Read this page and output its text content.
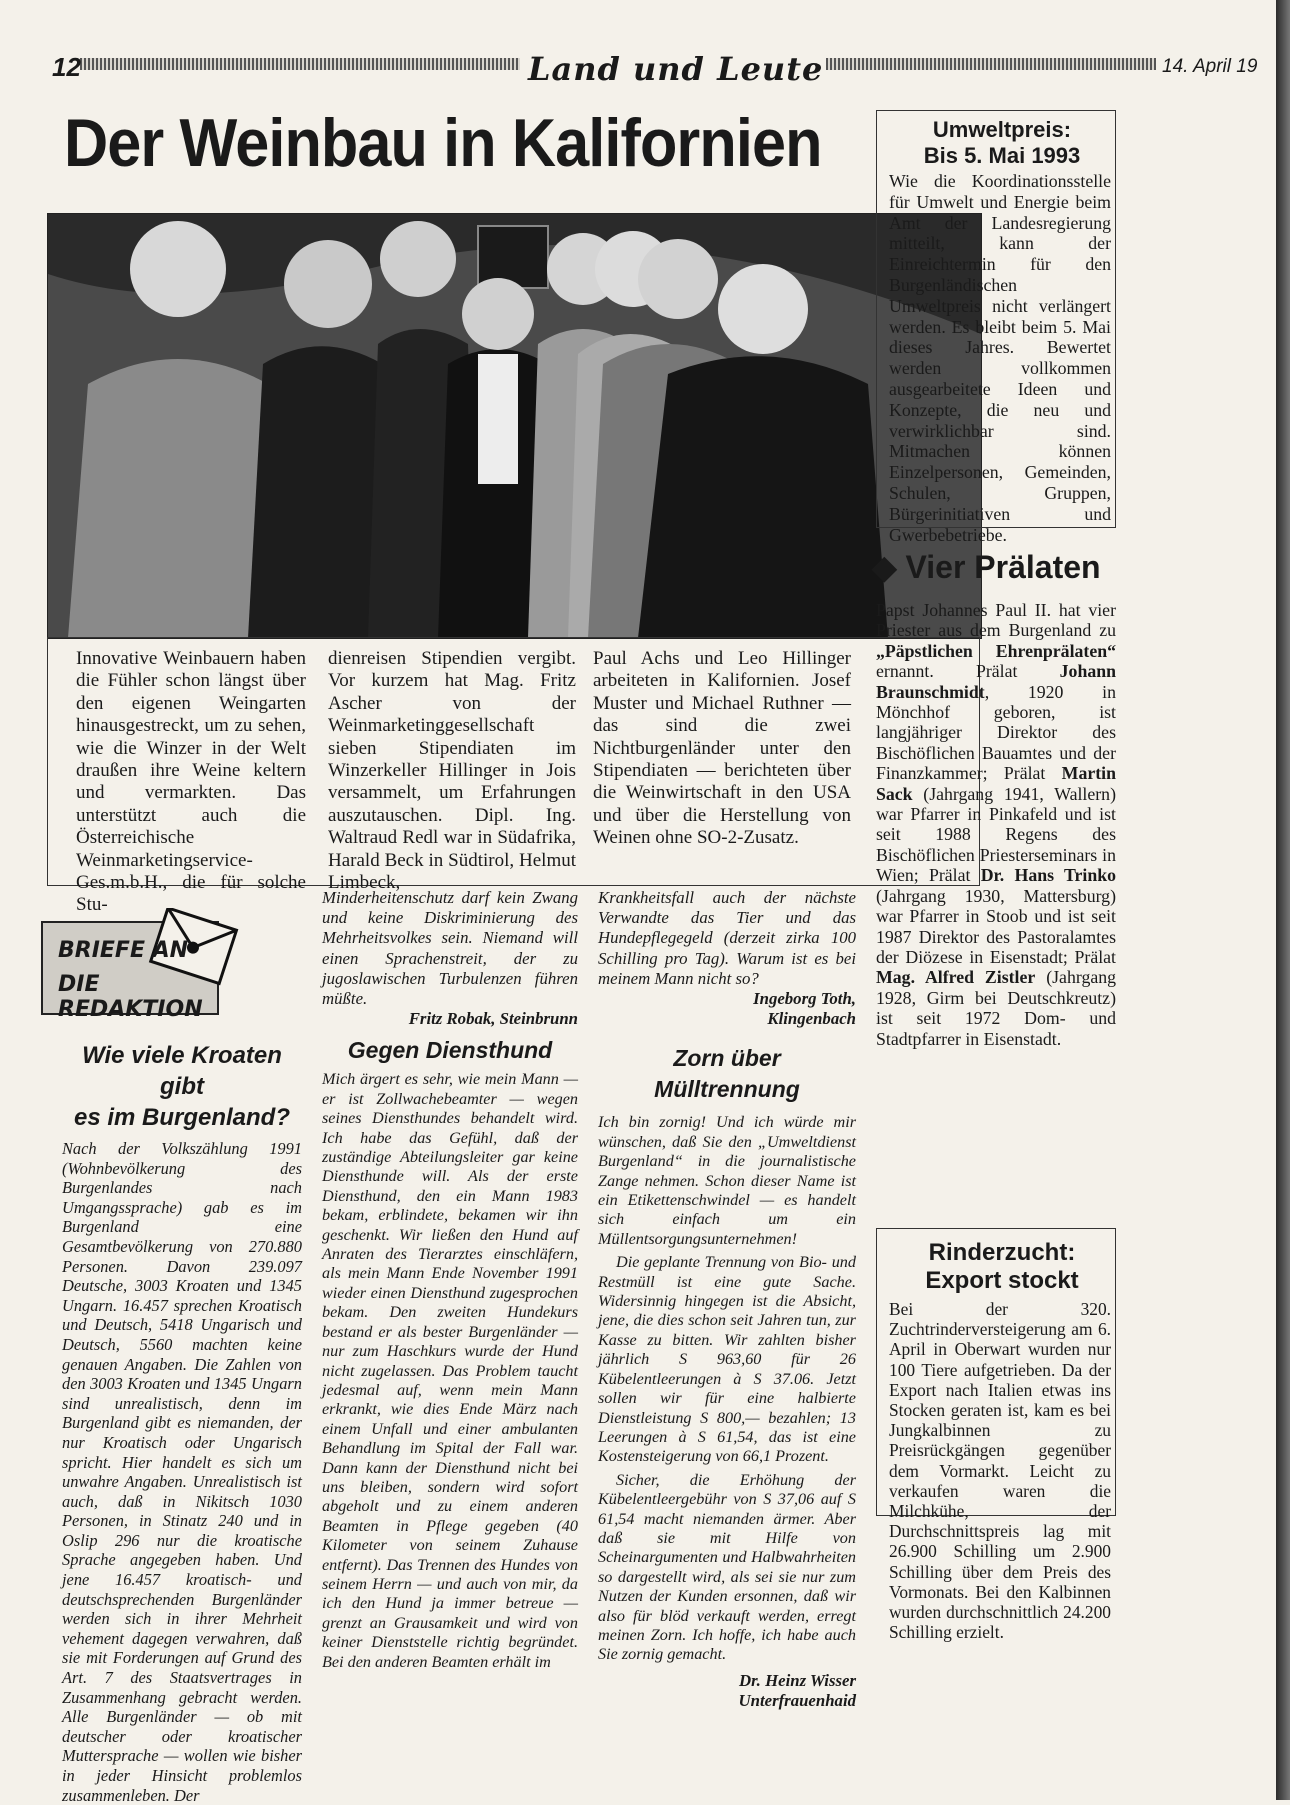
12	Land und Leute	14. April 19
Der Weinbau in Kalifornien
Innovative Weinbauern haben die Fühler schon längst über den eigenen Weingarten hinausgestreckt, um zu sehen, wie die Winzer in der Welt draußen ihre Weine keltern und vermarkten. Das unterstützt auch die Österreichische Weinmarketingservice-Ges.m.b.H., die für solche Stu-
dienreisen Stipendien vergibt. Vor kurzem hat Mag. Fritz Ascher von der Weinmarketinggesellschaft sieben Stipendiaten im Winzerkeller Hillinger in Jois versammelt, um Erfahrungen auszutauschen. Dipl. Ing. Waltraud Redl war in Südafrika, Harald Beck in Südtirol, Helmut Limbeck,
Paul Achs und Leo Hillinger arbeiteten in Kalifornien. Josef Muster und Michael Ruthner — das sind die zwei Nichtburgenländer unter den Stipendiaten — berichteten über die Weinwirtschaft in den USA und über die Herstellung von Weinen ohne SO-2-Zusatz.
Umweltpreis:
Bis 5. Mai 1993
Wie die Koordinationsstelle für Umwelt und Energie beim Amt der Landesregierung mitteilt, kann der Einreichtermin für den Burgenländischen Umweltpreis nicht verlängert werden. Es bleibt beim 5. Mai dieses Jahres. Bewertet werden vollkommen ausgearbeitete Ideen und Konzepte, die neu und verwirklichbar sind. Mitmachen können Einzelpersonen, Gemeinden, Schulen, Gruppen, Bürgerinitiativen und Gwerbebetriebe.
◆ Vier Prälaten
Papst Johannes Paul II. hat vier Priester aus dem Burgenland zu „Päpstlichen Ehrenprälaten“ ernannt. Prälat Johann Braunschmidt, 1920 in Mönchhof geboren, ist langjähriger Direktor des Bischöflichen Bauamtes und der Finanzkammer; Prälat Martin Sack (Jahrgang 1941, Wallern) war Pfarrer in Pinkafeld und ist seit 1988 Regens des Bischöflichen Priesterseminars in Wien; Prälat Dr. Hans Trinko (Jahrgang 1930, Mattersburg) war Pfarrer in Stoob und ist seit 1987 Direktor des Pastoralamtes der Diözese in Eisenstadt; Prälat Mag. Alfred Zistler (Jahrgang 1928, Girm bei Deutschkreutz) ist seit 1972 Dom- und Stadtpfarrer in Eisenstadt.
Rinderzucht:
Export stockt
Bei der 320. Zuchtrinderversteigerung am 6. April in Oberwart wurden nur 100 Tiere aufgetrieben. Da der Export nach Italien etwas ins Stocken geraten ist, kam es bei Jungkalbinnen zu Preisrückgängen gegenüber dem Vormarkt. Leicht zu verkaufen waren die Milchkühe, der Durchschnittspreis lag mit 26.900 Schilling um 2.900 Schilling über dem Preis des Vormonats. Bei den Kalbinnen wurden durchschnittlich 24.200 Schilling erzielt.
BRIEFE AN
DIE REDAKTION
Wie viele Kroaten gibt
es im Burgenland?

Nach der Volkszählung 1991 (Wohnbevölkerung des Burgenlandes nach Umgangssprache) gab es im Burgenland eine Gesamtbevölkerung von 270.880 Personen. Davon 239.097 Deutsche, 3003 Kroaten und 1345 Ungarn. 16.457 sprechen Kroatisch und Deutsch, 5418 Ungarisch und Deutsch, 5560 machten keine genauen Angaben. Die Zahlen von den 3003 Kroaten und 1345 Ungarn sind unrealistisch, denn im Burgenland gibt es niemanden, der nur Kroatisch oder Ungarisch spricht. Hier handelt es sich um unwahre Angaben. Unrealistisch ist auch, daß in Nikitsch 1030 Personen, in Stinatz 240 und in Oslip 296 nur die kroatische Sprache angegeben haben. Und jene 16.457 kroatisch- und deutschsprechenden Burgenländer werden sich in ihrer Mehrheit vehement dagegen verwahren, daß sie mit Forderungen auf Grund des Art. 7 des Staatsvertrages in Zusammenhang gebracht werden. Alle Burgenländer — ob mit deutscher oder kroatischer Muttersprache — wollen wie bisher in jeder Hinsicht problemlos zusammenleben. Der

Minderheitenschutz darf kein Zwang und keine Diskriminierung des Mehrheitsvolkes sein. Niemand will einen Sprachenstreit, der zu jugoslawischen Turbulenzen führen müßte.

Fritz Robak, Steinbrunn

Gegen Diensthund

Mich ärgert es sehr, wie mein Mann — er ist Zollwachebeamter — wegen seines Diensthundes behandelt wird. Ich habe das Gefühl, daß der zuständige Abteilungsleiter gar keine Diensthunde will. Als der erste Diensthund, den ein Mann 1983 bekam, erblindete, bekamen wir ihn geschenkt. Wir ließen den Hund auf Anraten des Tierarztes einschläfern, als mein Mann Ende November 1991 wieder einen Diensthund zugesprochen bekam. Den zweiten Hundekurs bestand er als bester Burgenländer — nur zum Haschkurs wurde der Hund nicht zugelassen. Das Problem taucht jedesmal auf, wenn mein Mann erkrankt, wie dies Ende März nach einem Unfall und einer ambulanten Behandlung im Spital der Fall war. Dann kann der Diensthund nicht bei uns bleiben, sondern wird sofort abgeholt und zu einem anderen Beamten in Pflege gegeben (40 Kilometer von seinem Zuhause entfernt). Das Trennen des Hundes von seinem Herrn — und auch von mir, da ich den Hund ja immer betreue — grenzt an Grausamkeit und wird von keiner Dienststelle richtig begründet. Bei den anderen Beamten erhält im

Krankheitsfall auch der nächste Verwandte das Tier und das Hundepflegegeld (derzeit zirka 100 Schilling pro Tag). Warum ist es bei meinem Mann nicht so?

Ingeborg Toth,

Klingenbach

Zorn über Mülltrennung

Ich bin zornig! Und ich würde mir wünschen, daß Sie den „Umweltdienst Burgenland“ in die journalistische Zange nehmen. Schon dieser Name ist ein Etikettenschwindel — es handelt sich einfach um ein Müllentsorgungsunternehmen!

Die geplante Trennung von Bio- und Restmüll ist eine gute Sache. Widersinnig hingegen ist die Absicht, jene, die dies schon seit Jahren tun, zur Kasse zu bitten. Wir zahlten bisher jährlich S 963,60 für 26 Kübelentleerungen à S 37.06. Jetzt sollen wir für eine halbierte Dienstleistung S 800,— bezahlen; 13 Leerungen à S 61,54, das ist eine Kostensteigerung von 66,1 Prozent.

Sicher, die Erhöhung der Kübelentleergebühr von S 37,06 auf S 61,54 macht niemanden ärmer. Aber daß sie mit Hilfe von Scheinargumenten und Halbwahrheiten so dargestellt wird, als sei sie nur zum Nutzen der Kunden ersonnen, daß wir also für blöd verkauft werden, erregt meinen Zorn. Ich hoffe, ich habe auch Sie zornig gemacht.

Dr. Heinz Wisser

Unterfrauenhaid
